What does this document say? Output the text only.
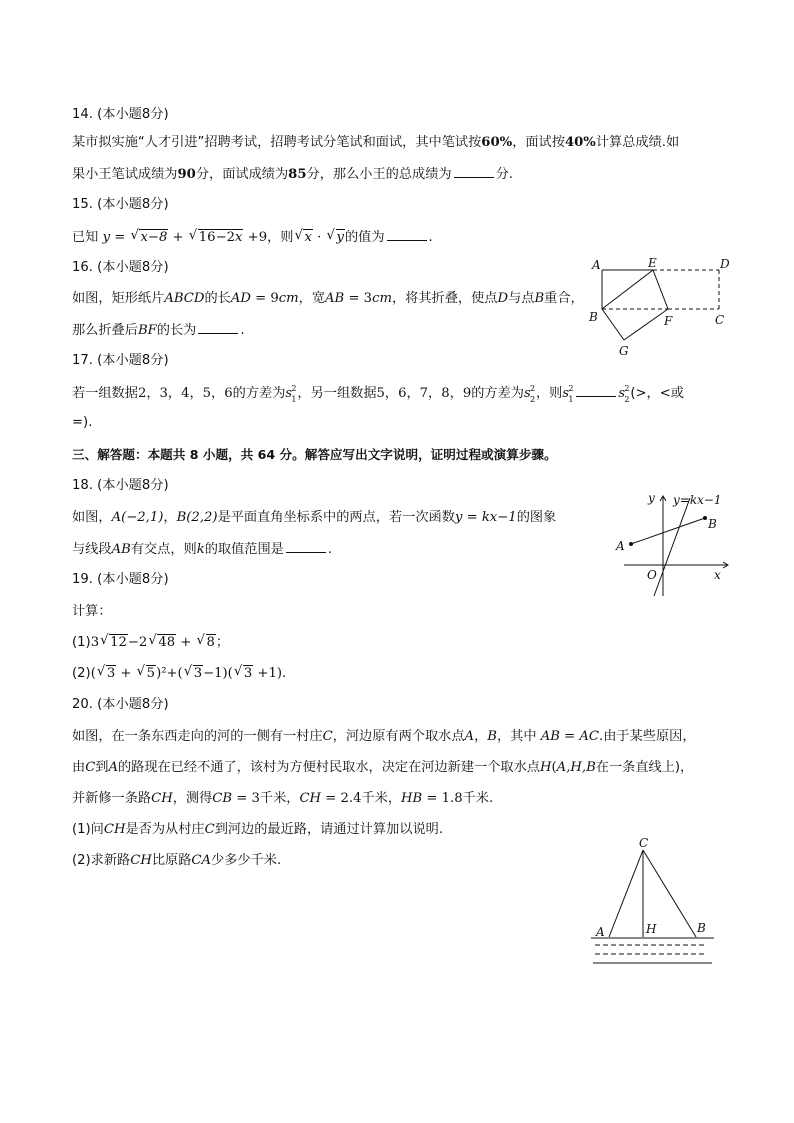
14. (本小题8分)
某市拟实施“人才引进”招聘考试，招聘考试分笔试和面试，其中笔试按60%，面试按40%计算总成绩.如
果小王笔试成绩为90分，面试成绩为85分，那么小王的总成绩为	分.
15. (本小题8分)
已知 y = √ x−8 + √ 16−2x +9，则 √ x · √ y的值为	.
16. (本小题8分)
如图，矩形纸片ABCD的长AD = 9cm，宽AB = 3cm，将其折叠，使点D与点B重合，
那么折叠后BF的长为	.
A	E	D
B	F	C
G
17. (本小题8分)
若一组数据2，3，4，5，6的方差为 s 2
1 ，另一组数据5，6，7，8，9的方差为 s 2
2 ，则 s 2
1	s 2
2 (>，<或
=).
三、解答题：本题共 8 小题，共 64 分。解答应写出文字说明，证明过程或演算步骤。
18. (本小题8分)
如图，A(−2,1)，B(2,2)是平面直角坐标系中的两点，若一次函数y = kx−1的图象
与线段AB有交点，则k的取值范围是	.
y y=kx−1
B
A
O	x
19. (本小题8分)
计算：
(1)3 √ 12−2 √ 48 + √ 8；
(2)( √ 3 + √ 5)²+( √ 3−1)( √ 3 +1).
20. (本小题8分)
如图，在一条东西走向的河的一侧有一村庄C，河边原有两个取水点A，B，其中 AB = AC.由于某些原因，
由C到A的路现在已经不通了，该村为方便村民取水，决定在河边新建一个取水点H(A,H,B在一条直线上)，
并新修一条路CH，测得CB = 3千米，CH = 2.4千米，HB = 1.8千米.
(1)问CH是否为从村庄C到河边的最近路，请通过计算加以说明.
(2)求新路CH比原路CA少多少千米.
C
A	H	B
